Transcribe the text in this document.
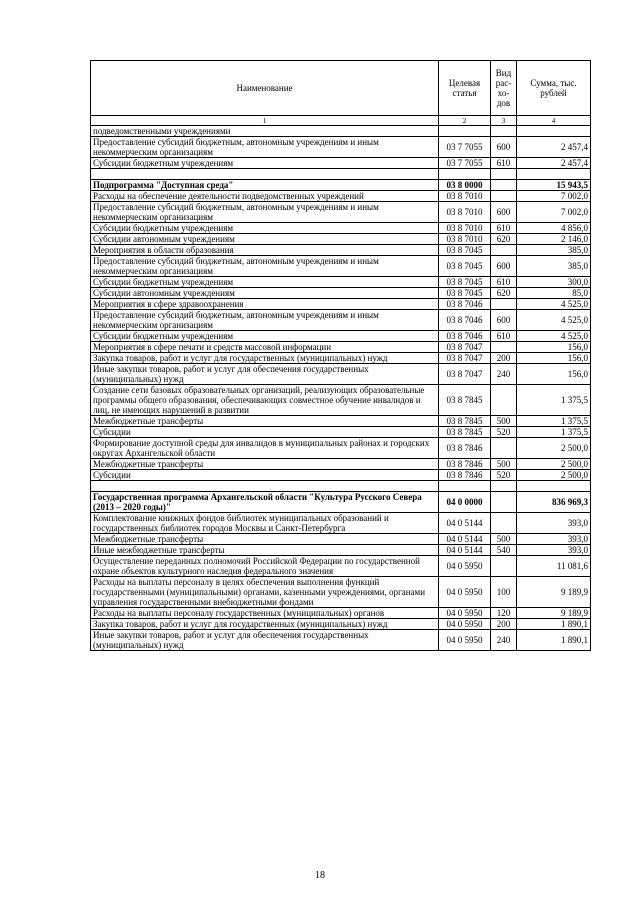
Наименование	Целевая статья	Вид рас-хо-дов	Сумма, тыс. рублей
1	2	3	4
подведомственными учреждениями			
Предоставление субсидий бюджетным, автономным учреждениям и иным некоммерческим организациям	03 7 7055	600	2 457,4
Субсидии бюджетным учреждениям	03 7 7055	610	2 457,4

Подпрограмма "Доступная среда"	03 8 0000		15 943,5
Расходы на обеспечение деятельности подведомственных учреждений	03 8 7010		7 002,0
Предоставление субсидий бюджетным, автономным учреждениям и иным некоммерческим организациям	03 8 7010	600	7 002,0
Субсидии бюджетным учреждениям	03 8 7010	610	4 856,0
Субсидии автономным учреждениям	03 8 7010	620	2 146,0
Мероприятия в области образования	03 8 7045		385,0
Предоставление субсидий бюджетным, автономным учреждениям и иным некоммерческим организациям	03 8 7045	600	385,0
Субсидии бюджетным учреждениям	03 8 7045	610	300,0
Субсидии автономным учреждениям	03 8 7045	620	85,0
Мероприятия в сфере здравоохранения	03 8 7046		4 525,0
Предоставление субсидий бюджетным, автономным учреждениям и иным некоммерческим организациям	03 8 7046	600	4 525,0
Субсидии бюджетным учреждениям	03 8 7046	610	4 525,0
Мероприятия в сфере печати и средств массовой информации	03 8 7047		156,0
Закупка товаров, работ и услуг для государственных (муниципальных) нужд	03 8 7047	200	156,0
Иные закупки товаров, работ и услуг для обеспечения государственных (муниципальных) нужд	03 8 7047	240	156,0
Создание сети базовых образовательных организаций, реализующих образовательные программы общего образования, обеспечивающих совместное обучение инвалидов и лиц, не имеющих нарушений в развитии	03 8 7845		1 375,5
Межбюджетные трансферты	03 8 7845	500	1 375,5
Субсидии	03 8 7845	520	1 375,5
Формирование доступной среды для инвалидов в муниципальных районах и городских округах Архангельской области	03 8 7846		2 500,0
Межбюджетные трансферты	03 8 7846	500	2 500,0
Субсидии	03 8 7846	520	2 500,0

Государственная программа Архангельской области "Культура Русского Севера (2013 – 2020 годы)"	04 0 0000		836 969,3
Комплектование книжных фондов библиотек муниципальных образований и государственных библиотек городов Москвы и Санкт-Петербурга	04 0 5144		393,0
Межбюджетные трансферты	04 0 5144	500	393,0
Иные межбюджетные трансферты	04 0 5144	540	393,0
Осуществление переданных полномочий Российской Федерации по государственной охране объектов культурного наследия федерального значения	04 0 5950		11 081,6
Расходы на выплаты персоналу в целях обеспечения выполнения функций государственными (муниципальными) органами, казенными учреждениями, органами управления государственными внебюджетными фондами	04 0 5950	100	9 189,9
Расходы на выплаты персоналу государственных (муниципальных) органов	04 0 5950	120	9 189,9
Закупка товаров, работ и услуг для государственных (муниципальных) нужд	04 0 5950	200	1 890,1
Иные закупки товаров, работ и услуг для обеспечения государственных (муниципальных) нужд	04 0 5950	240	1 890,1
18
